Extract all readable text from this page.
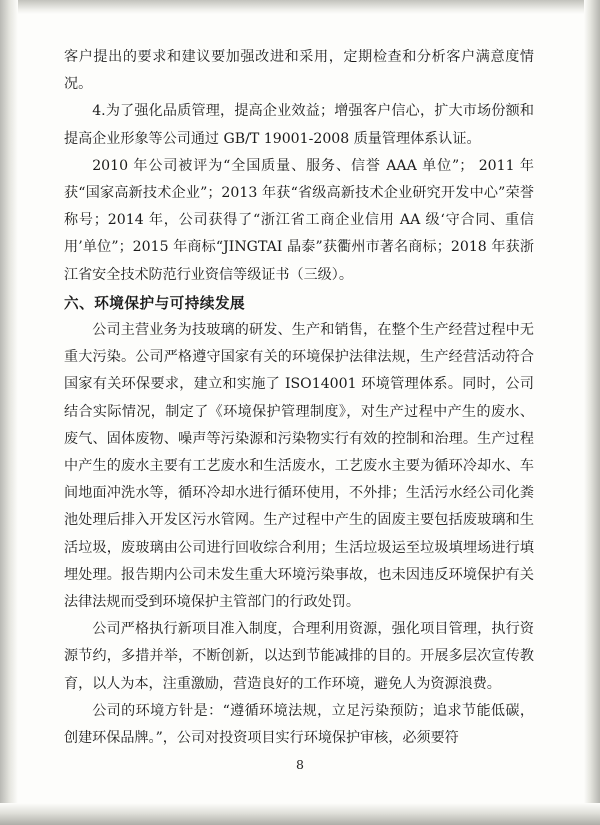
客户提出的要求和建议要加强改进和采用，定期检查和分析客户满意度情况。

4.为了强化品质管理，提高企业效益；增强客户信心，扩大市场份额和提高企业形象等公司通过 GB/T 19001-2008 质量管理体系认证。

2010 年公司被评为“全国质量、服务、信誉 AAA 单位”； 2011 年获“国家高新技术企业”；2013 年获“省级高新技术企业研究开发中心”荣誉称号；2014 年，公司获得了“浙江省工商企业信用 AA 级‘守合同、重信用’单位”；2015 年商标“JINGTAI 晶泰”获衢州市著名商标；2018 年获浙江省安全技术防范行业资信等级证书（三级）。

六、环境保护与可持续发展

公司主营业务为技玻璃的研发、生产和销售，在整个生产经营过程中无重大污染。公司严格遵守国家有关的环境保护法律法规，生产经营活动符合国家有关环保要求，建立和实施了 ISO14001 环境管理体系。同时，公司结合实际情况，制定了《环境保护管理制度》，对生产过程中产生的废水、废气、固体废物、噪声等污染源和污染物实行有效的控制和治理。生产过程中产生的废水主要有工艺废水和生活废水，工艺废水主要为循环冷却水、车间地面冲洗水等，循环冷却水进行循环使用，不外排；生活污水经公司化粪池处理后排入开发区污水管网。生产过程中产生的固废主要包括废玻璃和生活垃圾，废玻璃由公司进行回收综合利用；生活垃圾运至垃圾填埋场进行填埋处理。报告期内公司未发生重大环境污染事故，也未因违反环境保护有关法律法规而受到环境保护主管部门的行政处罚。

公司严格执行新项目准入制度，合理利用资源，强化项目管理，执行资源节约，多措并举，不断创新，以达到节能减排的目的。开展多层次宣传教育，以人为本，注重激励，营造良好的工作环境，避免人为资源浪费。

公司的环境方针是：“遵循环境法规，立足污染预防；追求节能低碳，创建环保品牌。”，公司对投资项目实行环境保护审核，必须要符

8
